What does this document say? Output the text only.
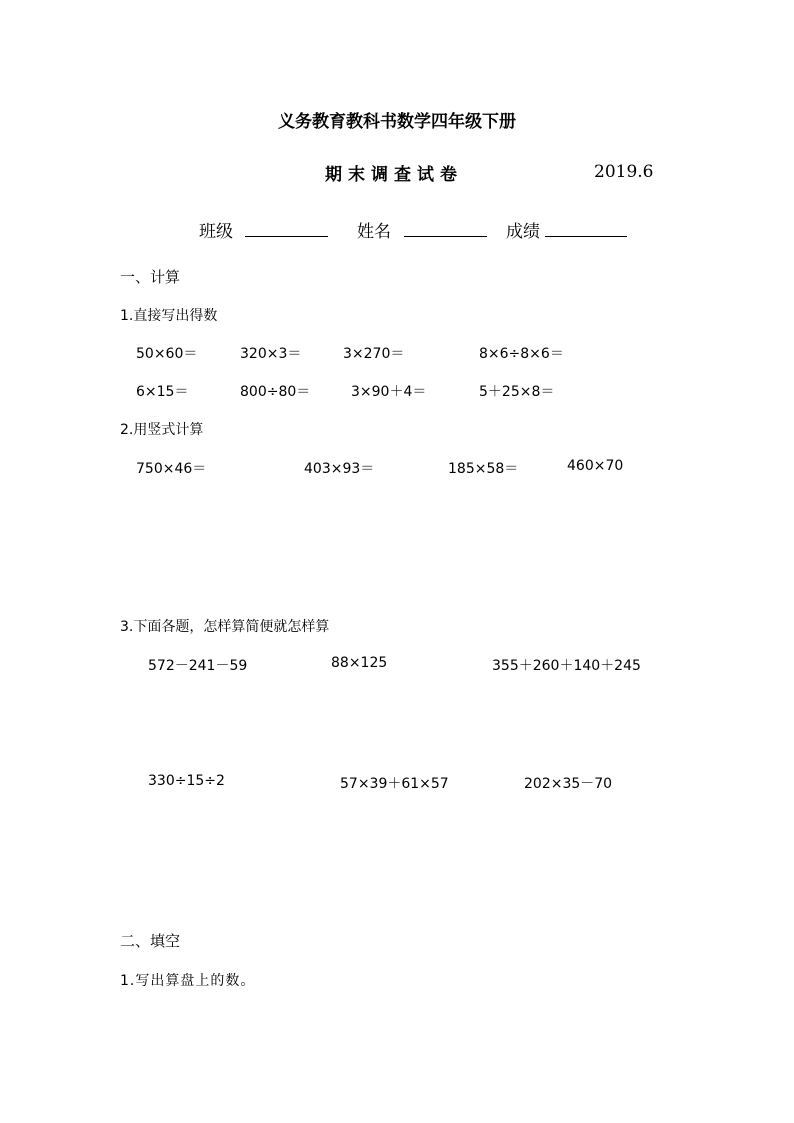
义务教育教科书数学四年级下册
期末调查试卷	2019.6
班级	姓名	成绩
一、计算
1.直接写出得数
50×60＝	320×3＝	3×270＝	8×6÷8×6＝
6×15＝	800÷80＝	3×90＋4＝	5＋25×8＝
2.用竖式计算
750×46＝	403×93＝	185×58＝	460×70
3.下面各题，怎样算简便就怎样算
572－241－59	88×125	355＋260＋140＋245
330÷15÷2	57×39＋61×57	202×35－70
二、填空
1.写出算盘上的数。
